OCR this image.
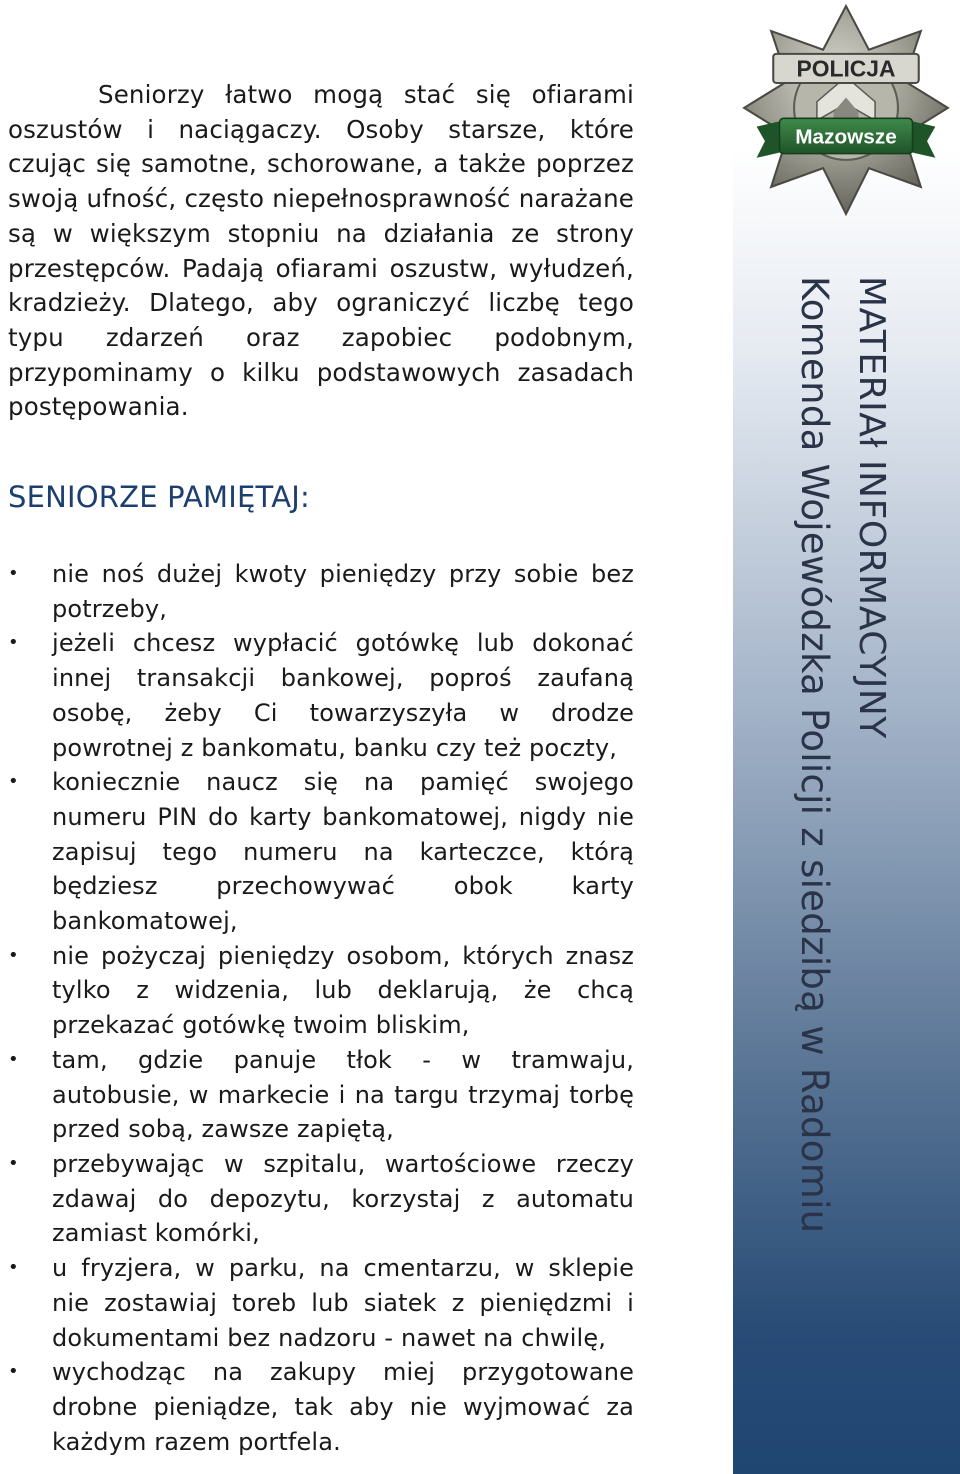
Seniorzy łatwo mogą stać się ofiarami oszustów i naciągaczy. Osoby starsze, które czując się samotne, schorowane, a także poprzez swoją ufność, często niepełnosprawność narażane są w większym stopniu na działania ze strony przestępców. Padają ofiarami oszustw, wyłudzeń, kradzieży. Dlatego, aby ograniczyć liczbę tego typu zdarzeń oraz zapobiec podobnym, przypominamy o kilku podstawowych zasadach postępowania.

SENIORZE PAMIĘTAJ:
• nie noś dużej kwoty pieniędzy przy sobie bez potrzeby,
• jeżeli chcesz wypłacić gotówkę lub dokonać innej transakcji bankowej, poproś zaufaną osobę, żeby Ci towarzyszyła w drodze powrotnej z bankomatu, banku czy też poczty,
• koniecznie naucz się na pamięć swojego numeru PIN do karty bankomatowej, nigdy nie zapisuj tego numeru na karteczce, którą będziesz przechowywać obok karty bankomatowej,
• nie pożyczaj pieniędzy osobom, których znasz tylko z widzenia, lub deklarują, że chcą przekazać gotówkę twoim bliskim,
• tam, gdzie panuje tłok - w tramwaju, autobusie, w markecie i na targu trzymaj torbę przed sobą, zawsze zapiętą,
• przebywając w szpitalu, wartościowe rzeczy zdawaj do depozytu, korzystaj z automatu zamiast komórki,
• u fryzjera, w parku, na cmentarzu, w sklepie nie zostawiaj toreb lub siatek z pieniędzmi i dokumentami bez nadzoru - nawet na chwilę,
• wychodząc na zakupy miej przygotowane drobne pieniądze, tak aby nie wyjmować za każdym razem portfela.
POLICJA
Mazowsze
MATERIAł INFORMACYJNY
Komenda Wojewódzka Policji z siedzibą w Radomiu
